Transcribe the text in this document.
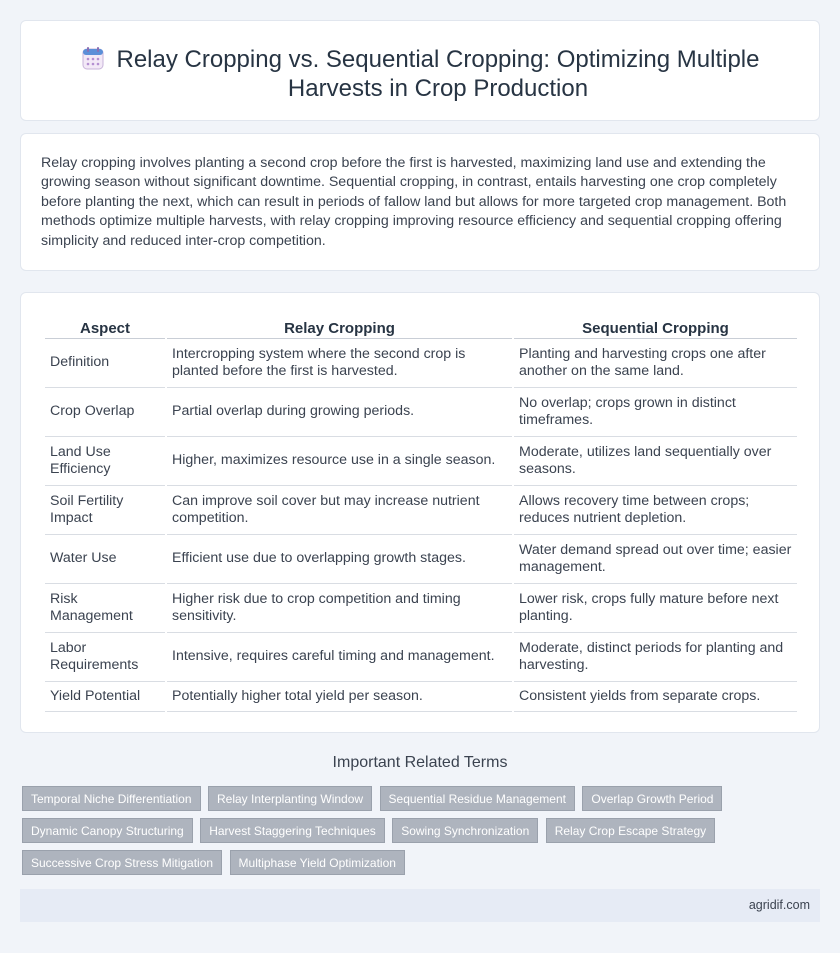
Relay Cropping vs. Sequential Cropping: Optimizing Multiple Harvests in Crop Production

Relay cropping involves planting a second crop before the first is harvested, maximizing land use and extending the growing season without significant downtime. Sequential cropping, in contrast, entails harvesting one crop completely before planting the next, which can result in periods of fallow land but allows for more targeted crop management. Both methods optimize multiple harvests, with relay cropping improving resource efficiency and sequential cropping offering simplicity and reduced inter-crop competition.

Aspect	Relay Cropping	Sequential Cropping
Definition	Intercropping system where the second crop is planted before the first is harvested.	Planting and harvesting crops one after another on the same land.
Crop Overlap	Partial overlap during growing periods.	No overlap; crops grown in distinct timeframes.
Land Use Efficiency	Higher, maximizes resource use in a single season.	Moderate, utilizes land sequentially over seasons.
Soil Fertility Impact	Can improve soil cover but may increase nutrient competition.	Allows recovery time between crops; reduces nutrient depletion.
Water Use	Efficient use due to overlapping growth stages.	Water demand spread out over time; easier management.
Risk Management	Higher risk due to crop competition and timing sensitivity.	Lower risk, crops fully mature before next planting.
Labor Requirements	Intensive, requires careful timing and management.	Moderate, distinct periods for planting and harvesting.
Yield Potential	Potentially higher total yield per season.	Consistent yields from separate crops.
Important Related Terms
Temporal Niche Differentiation Relay Interplanting Window Sequential Residue Management Overlap Growth Period Dynamic Canopy Structuring Harvest Staggering Techniques Sowing Synchronization Relay Crop Escape Strategy Successive Crop Stress Mitigation Multiphase Yield Optimization
agridif.com
